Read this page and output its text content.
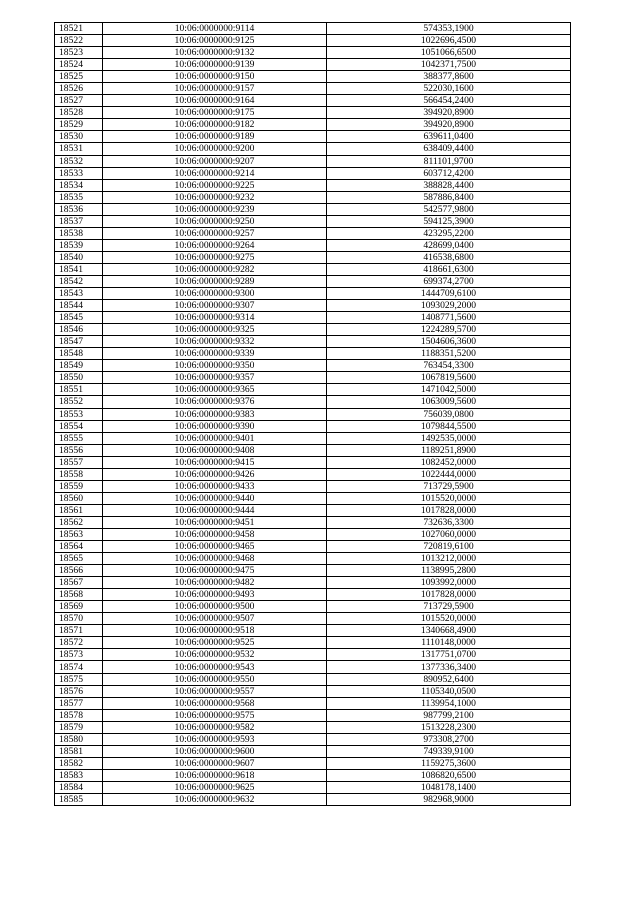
18521	10:06:0000000:9114	574353,1900
18522	10:06:0000000:9125	1022696,4500
18523	10:06:0000000:9132	1051066,6500
18524	10:06:0000000:9139	1042371,7500
18525	10:06:0000000:9150	388377,8600
18526	10:06:0000000:9157	522030,1600
18527	10:06:0000000:9164	566454,2400
18528	10:06:0000000:9175	394920,8900
18529	10:06:0000000:9182	394920,8900
18530	10:06:0000000:9189	639611,0400
18531	10:06:0000000:9200	638409,4400
18532	10:06:0000000:9207	811101,9700
18533	10:06:0000000:9214	603712,4200
18534	10:06:0000000:9225	388828,4400
18535	10:06:0000000:9232	587886,8400
18536	10:06:0000000:9239	542577,9800
18537	10:06:0000000:9250	594125,3900
18538	10:06:0000000:9257	423295,2200
18539	10:06:0000000:9264	428699,0400
18540	10:06:0000000:9275	416538,6800
18541	10:06:0000000:9282	418661,6300
18542	10:06:0000000:9289	699374,2700
18543	10:06:0000000:9300	1444709,6100
18544	10:06:0000000:9307	1093029,2000
18545	10:06:0000000:9314	1408771,5600
18546	10:06:0000000:9325	1224289,5700
18547	10:06:0000000:9332	1504606,3600
18548	10:06:0000000:9339	1188351,5200
18549	10:06:0000000:9350	763454,3300
18550	10:06:0000000:9357	1067819,5600
18551	10:06:0000000:9365	1471042,5000
18552	10:06:0000000:9376	1063009,5600
18553	10:06:0000000:9383	756039,0800
18554	10:06:0000000:9390	1079844,5500
18555	10:06:0000000:9401	1492535,0000
18556	10:06:0000000:9408	1189251,8900
18557	10:06:0000000:9415	1082452,0000
18558	10:06:0000000:9426	1022444,0000
18559	10:06:0000000:9433	713729,5900
18560	10:06:0000000:9440	1015520,0000
18561	10:06:0000000:9444	1017828,0000
18562	10:06:0000000:9451	732636,3300
18563	10:06:0000000:9458	1027060,0000
18564	10:06:0000000:9465	720819,6100
18565	10:06:0000000:9468	1013212,0000
18566	10:06:0000000:9475	1138995,2800
18567	10:06:0000000:9482	1093992,0000
18568	10:06:0000000:9493	1017828,0000
18569	10:06:0000000:9500	713729,5900
18570	10:06:0000000:9507	1015520,0000
18571	10:06:0000000:9518	1340668,4900
18572	10:06:0000000:9525	1110148,0000
18573	10:06:0000000:9532	1317751,0700
18574	10:06:0000000:9543	1377336,3400
18575	10:06:0000000:9550	890952,6400
18576	10:06:0000000:9557	1105340,0500
18577	10:06:0000000:9568	1139954,1000
18578	10:06:0000000:9575	987799,2100
18579	10:06:0000000:9582	1513228,2300
18580	10:06:0000000:9593	973308,2700
18581	10:06:0000000:9600	749339,9100
18582	10:06:0000000:9607	1159275,3600
18583	10:06:0000000:9618	1086820,6500
18584	10:06:0000000:9625	1048178,1400
18585	10:06:0000000:9632	982968,9000
